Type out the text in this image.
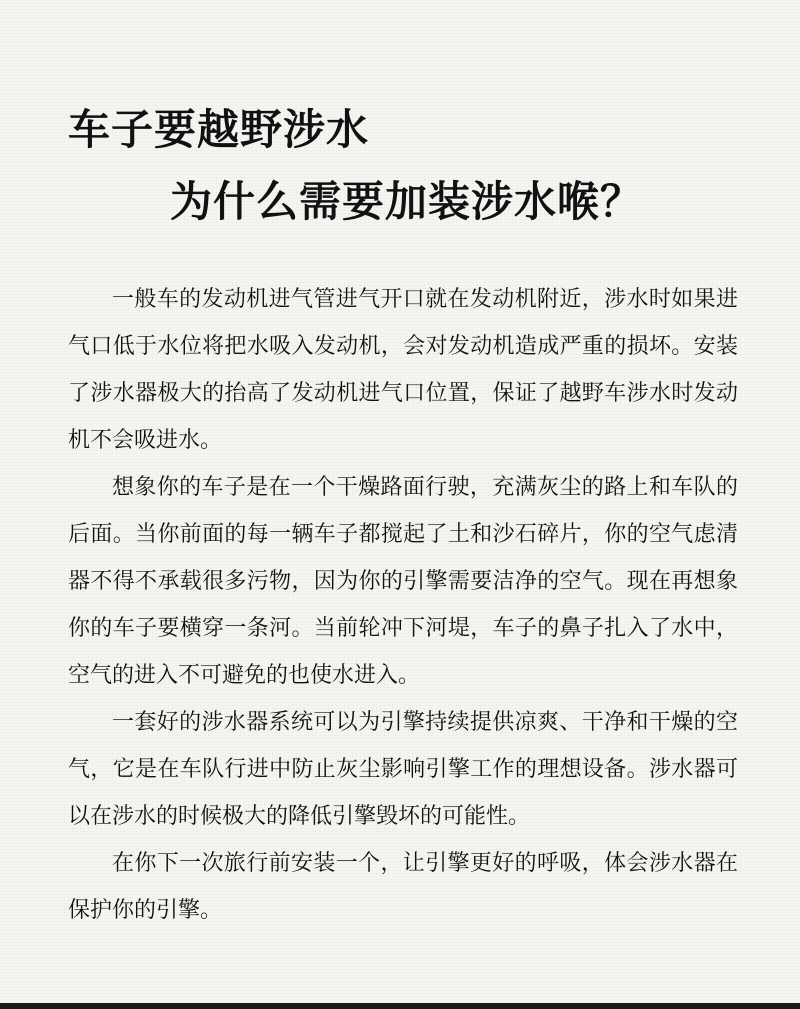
车子要越野涉水
为什么需要加装涉水喉？

一般车的发动机进气管进气开口就在发动机附近，涉水时如果进气口低于水位将把水吸入发动机，会对发动机造成严重的损坏。安装了涉水器极大的抬高了发动机进气口位置，保证了越野车涉水时发动机不会吸进水。

想象你的车子是在一个干燥路面行驶，充满灰尘的路上和车队的后面。当你前面的每一辆车子都搅起了土和沙石碎片，你的空气虑清器不得不承载很多污物，因为你的引擎需要洁净的空气。现在再想象你的车子要横穿一条河。当前轮冲下河堤，车子的鼻子扎入了水中，空气的进入不可避免的也使水进入。

一套好的涉水器系统可以为引擎持续提供凉爽、干净和干燥的空气，它是在车队行进中防止灰尘影响引擎工作的理想设备。涉水器可以在涉水的时候极大的降低引擎毁坏的可能性。

在你下一次旅行前安装一个，让引擎更好的呼吸，体会涉水器在保护你的引擎。
